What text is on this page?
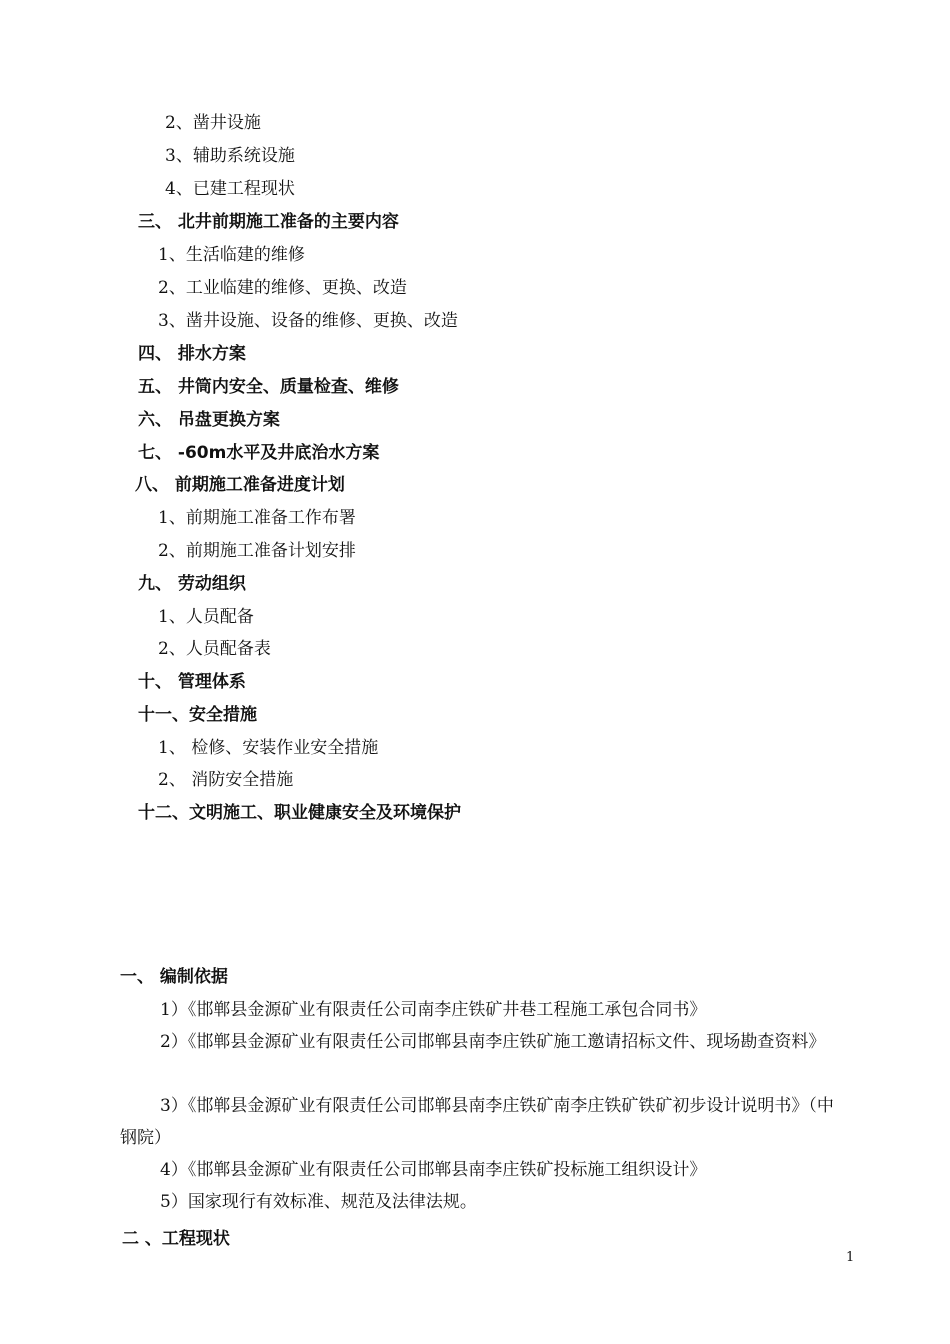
2、凿井设施
3、辅助系统设施
4、已建工程现状
三、 北井前期施工准备的主要内容
1、生活临建的维修
2、工业临建的维修、更换、改造
3、凿井设施、设备的维修、更换、改造
四、 排水方案
五、 井筒内安全、质量检查、维修
六、 吊盘更换方案
七、 -60m水平及井底治水方案
八、 前期施工准备进度计划
1、前期施工准备工作布署
2、前期施工准备计划安排
九、 劳动组织
1、人员配备
2、人员配备表
十、 管理体系
十一、安全措施
1、 检修、安装作业安全措施
2、 消防安全措施
十二、文明施工、职业健康安全及环境保护
一、 编制依据
1）《邯郸县金源矿业有限责任公司南李庄铁矿井巷工程施工承包合同书》
2）《邯郸县金源矿业有限责任公司邯郸县南李庄铁矿施工邀请招标文件、现场勘查资料》
3）《邯郸县金源矿业有限责任公司邯郸县南李庄铁矿南李庄铁矿铁矿初步设计说明书》（中钢院）
4）《邯郸县金源矿业有限责任公司邯郸县南李庄铁矿投标施工组织设计》
5）国家现行有效标准、规范及法律法规。
二 、工程现状
1
